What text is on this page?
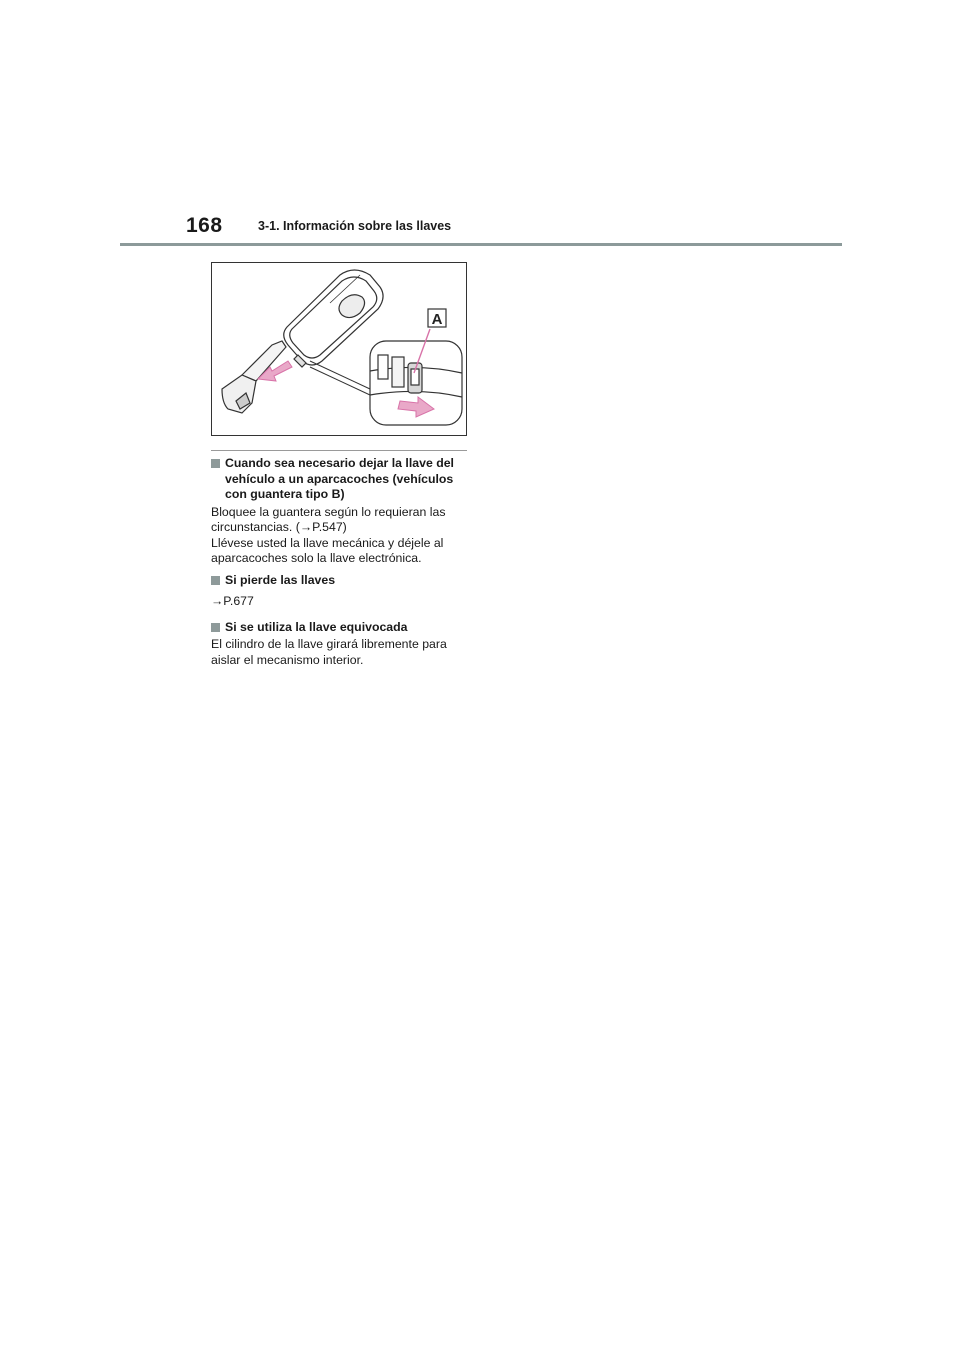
168	3-1. Información sobre las llaves
A
Cuando sea necesario dejar la llave del vehículo a un aparcacoches (vehículos con guantera tipo B)

Bloquee la guantera según lo requieran las circunstancias. (→P.547)

Llévese usted la llave mecánica y déjele al aparcacoches solo la llave electrónica.

Si pierde las llaves

→P.677

Si se utiliza la llave equivocada

El cilindro de la llave girará libremente para aislar el mecanismo interior.
